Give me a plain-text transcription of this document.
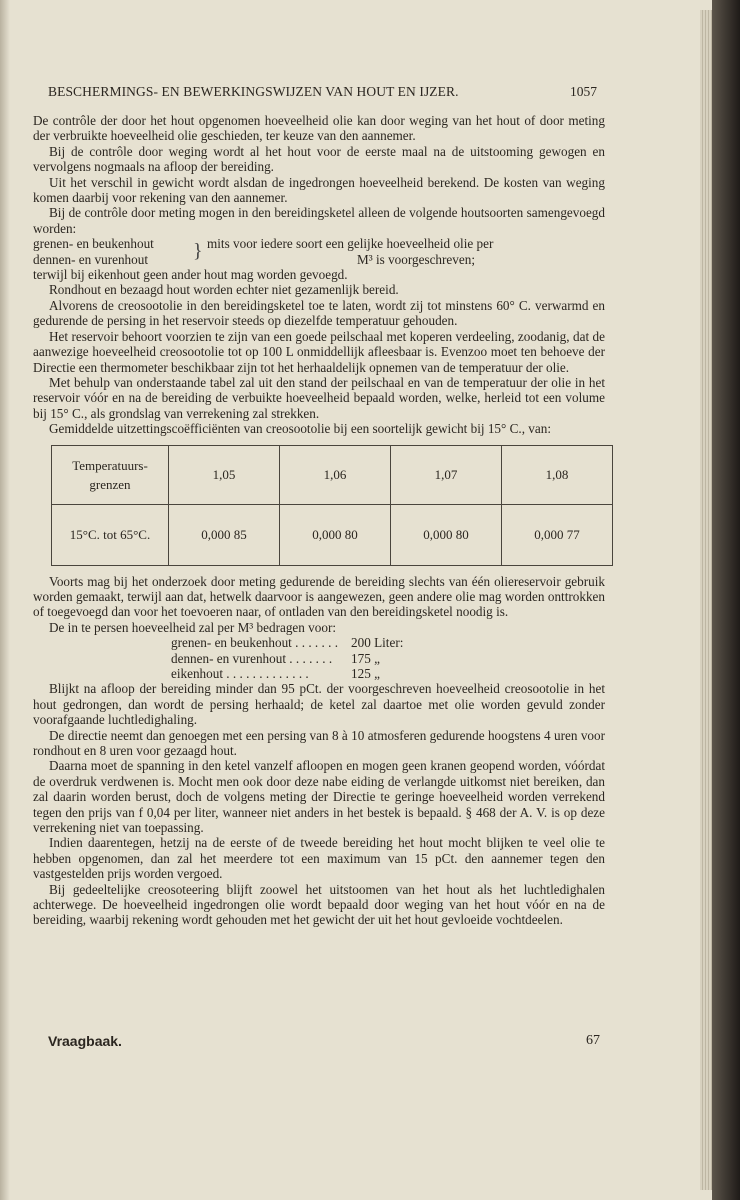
BESCHERMINGS- EN BEWERKINGSWIJZEN VAN HOUT EN IJZER.	1057

De contrôle der door het hout opgenomen hoeveelheid olie kan door weging van het hout of door meting der verbruikte hoeveelheid olie geschieden, ter keuze van den aannemer.

Bij de contrôle door weging wordt al het hout voor de eerste maal na de uitstooming gewogen en vervolgens nogmaals na afloop der bereiding.

Uit het verschil in gewicht wordt alsdan de ingedrongen hoeveelheid berekend. De kosten van weging komen daarbij voor rekening van den aannemer.

Bij de contrôle door meting mogen in den bereidingsketel alleen de volgende houtsoorten samengevoegd worden:

grenen- en beukenhout
dennen- en vurenhout	} mits voor iedere soort een gelijke hoeveelheid olie per
M³ is voorgeschreven;

terwijl bij eikenhout geen ander hout mag worden gevoegd.

Rondhout en bezaagd hout worden echter niet gezamenlijk bereid.

Alvorens de creosootolie in den bereidingsketel toe te laten, wordt zij tot minstens 60° C. verwarmd en gedurende de persing in het reservoir steeds op diezelfde temperatuur gehouden.

Het reservoir behoort voorzien te zijn van een goede peilschaal met koperen verdeeling, zoodanig, dat de aanwezige hoeveelheid creosootolie tot op 100 L onmiddellijk afleesbaar is. Evenzoo moet ten behoeve der Directie een thermometer beschikbaar zijn tot het herhaaldelijk opnemen van de temperatuur der olie.

Met behulp van onderstaande tabel zal uit den stand der peilschaal en van de temperatuur der olie in het reservoir vóór en na de bereiding de verbuikte hoeveelheid bepaald worden, welke, herleid tot een volume bij 15° C., als grondslag van verrekening zal strekken.

Gemiddelde uitzettingscoëfficiënten van creosootolie bij een soortelijk gewicht bij 15° C., van:

Temperatuurs- grenzen	1,05	1,06	1,07	1,08
15°C. tot 65°C.	0,000 85	0,000 80	0,000 80	0,000 77

Voorts mag bij het onderzoek door meting gedurende de bereiding slechts van één oliereservoir gebruik worden gemaakt, terwijl aan dat, hetwelk daarvoor is aangewezen, geen andere olie mag worden onttrokken of toegevoegd dan voor het toevoeren naar, of ontladen van den bereidingsketel noodig is.

De in te persen hoeveelheid zal per M³ bedragen voor:

grenen- en beukenhout . . . . . . . 200 Liter:
dennen- en vurenhout . . . . . . .	175 „
eikenhout . . . . . . . . . . . . .	125 „

Blijkt na afloop der bereiding minder dan 95 pCt. der voorgeschreven hoeveelheid creosootolie in het hout gedrongen, dan wordt de persing herhaald; de ketel zal daartoe met olie worden gevuld zonder voorafgaande luchtledighaling.

De directie neemt dan genoegen met een persing van 8 à 10 atmosferen gedurende hoogstens 4 uren voor rondhout en 8 uren voor gezaagd hout.

Daarna moet de spanning in den ketel vanzelf afloopen en mogen geen kranen geopend worden, vóórdat de overdruk verdwenen is. Mocht men ook door deze nabe eiding de verlangde uitkomst niet bereiken, dan zal daarin worden berust, doch de volgens meting der Directie te geringe hoeveelheid worden verrekend tegen den prijs van f 0,04 per liter, wanneer niet anders in het bestek is bepaald. § 468 der A. V. is op deze verrekening niet van toepassing.

Indien daarentegen, hetzij na de eerste of de tweede bereiding het hout mocht blijken te veel olie te hebben opgenomen, dan zal het meerdere tot een maximum van 15 pCt. den aannemer tegen den vastgestelden prijs worden vergoed.

Bij gedeeltelijke creosoteering blijft zoowel het uitstoomen van het hout als het luchtledighalen achterwege. De hoeveelheid ingedrongen olie wordt bepaald door weging van het hout vóór en na de bereiding, waarbij rekening wordt gehouden met het gewicht der uit het hout gevloeide vochtdeelen.

Vraagbaak.	67
